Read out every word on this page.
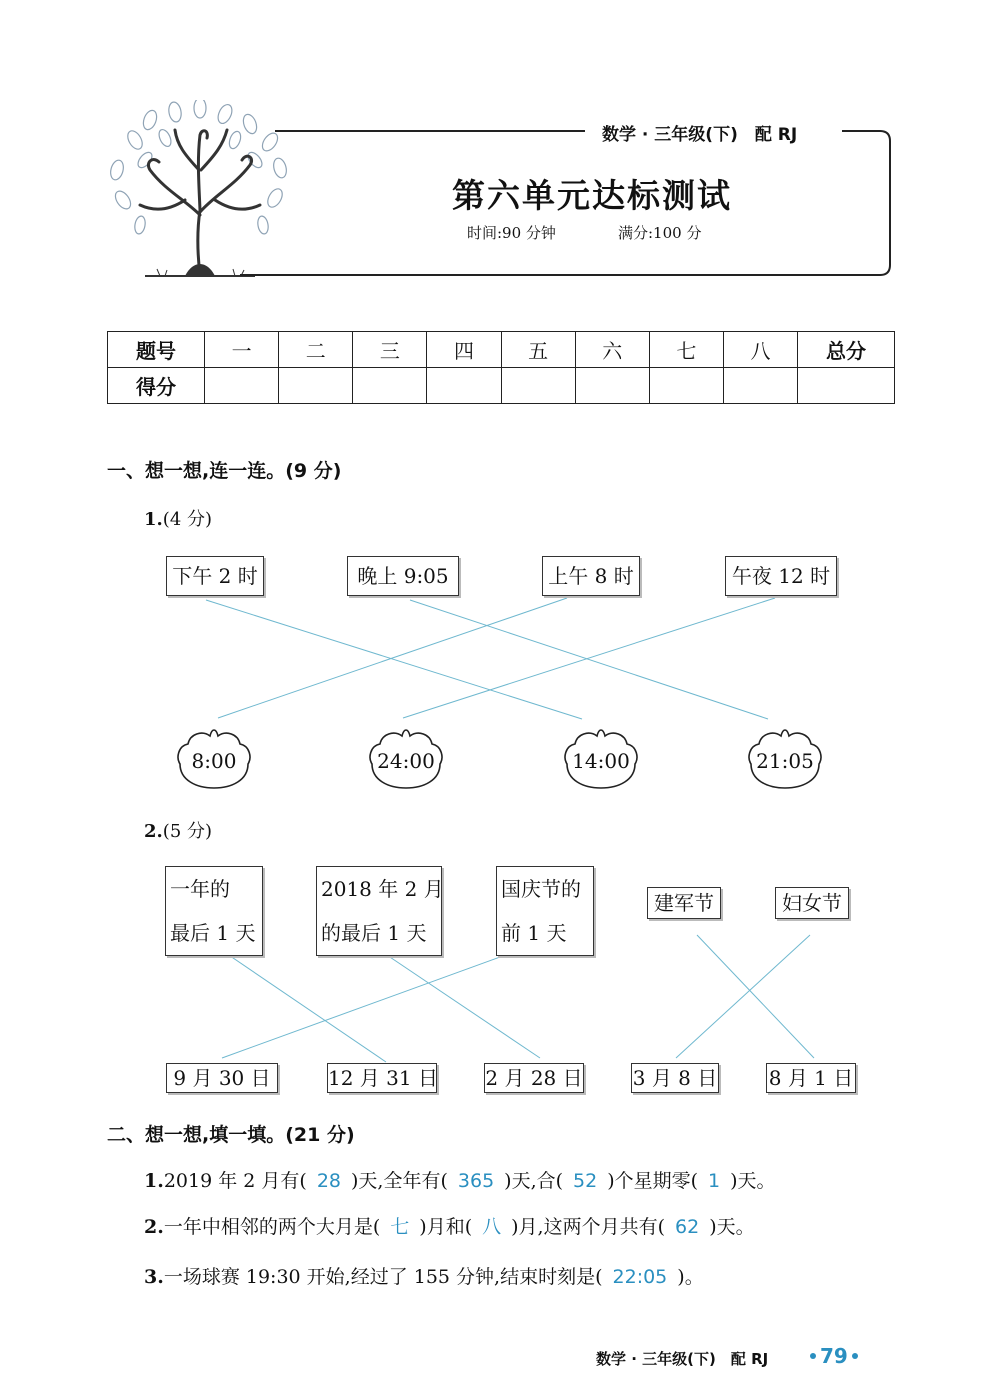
数学 · 三年级(下)　配 RJ
第六单元达标测试
时间:90 分钟	满分:100 分
题号	一	二	三	四	五	六	七	八	总分
得分									
一、想一想,连一连。(9 分)
1.(4 分)
下午 2 时	晚上 9:05	上午 8 时	午夜 12 时
8:00	24:00	14:00	21:05
2.(5 分)
一年的
最后 1 天
2018 年 2 月
的最后 1 天
国庆节的
前 1 天
建军节	妇女节
9 月 30 日	12 月 31 日 2 月 28 日	3 月 8 日	8 月 1 日
二、想一想,填一填。(21 分)
1.2019 年 2 月有( 28 )天,全年有( 365 )天,合( 52 )个星期零( 1 )天。
2.一年中相邻的两个大月是( 七 )月和( 八 )月,这两个月共有( 62 )天。
3.一场球赛 19:30 开始,经过了 155 分钟,结束时刻是( 22:05 )。
数学 · 三年级(下)　配 RJ	79
